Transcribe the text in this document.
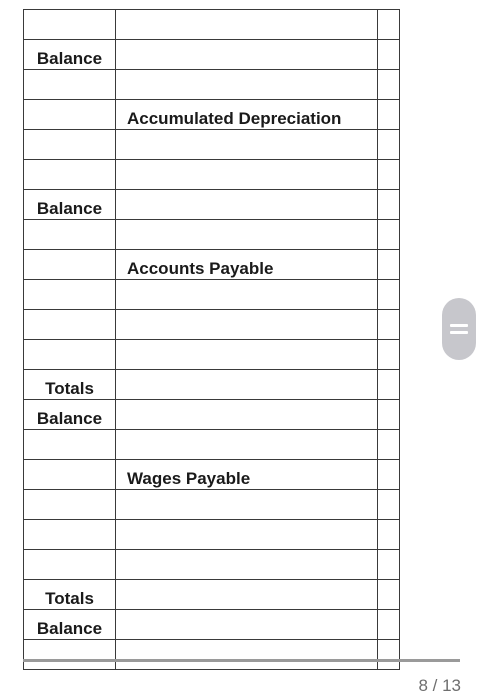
Balance		

	Accumulated Depreciation	

Balance		

	Accounts Payable	

Totals		
Balance		

	Wages Payable	

Totals		
Balance		

8 / 13
